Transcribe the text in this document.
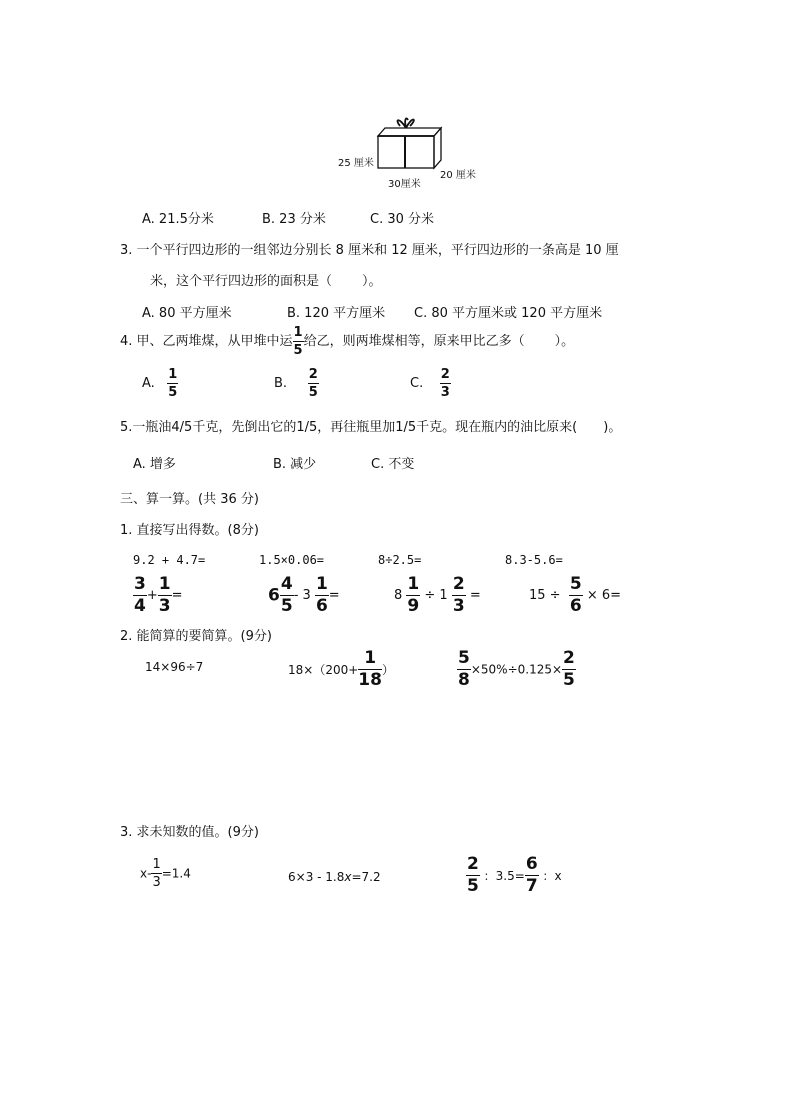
25 厘米
30厘米
20 厘米
A. 21.5分米	B. 23 分米	C. 30 分米
3. 一个平行四边形的一组邻边分别长 8 厘米和 12 厘米，平行四边形的一条高是 10 厘
米，这个平行四边形的面积是（ ）。
A. 80 平方厘米	B. 120 平方厘米 C. 80 平方厘米或 120 平方厘米
4. 甲、乙两堆煤，从甲堆中运 $\frac{1}{5}$ 给乙，则两堆煤相等，原来甲比乙多（ ）。
A. $\frac{1}{5}$	B. $\frac{2}{5}$	C. $\frac{2}{3}$
5.一瓶油4/5千克，先倒出它的1/5，再往瓶里加1/5千克。现在瓶内的油比原来( )。
A. 增多	B. 减少	C. 不变
三、算一算。(共 36 分)
1. 直接写出得数。(8分)
9.2 + 4.7=	1.5×0.06=	8÷2.5=	8.3-5.6=
$\frac{3}{4} + \frac{1}{3}$ =	$6 \frac{4}{5} - 3 \frac{1}{6}$ =	$8 \frac{1}{9} \div 1 \frac{2}{3}$ =	$15 \div \frac{5}{6} \times 6=$
2. 能简算的要简算。(9分)
14×96÷7	$18\times(200+ \frac{1}{18}$ ）	$\frac{5}{8} \times 50\%\div 0.125\times \frac{2}{5}$
3. 求未知数的值。(9分)
$x- \frac{1}{3} =1.4$	6×3 - 1.8x=7.2	$\frac{2}{5}$ ：$3.5= \frac{6}{7}$ ：x
